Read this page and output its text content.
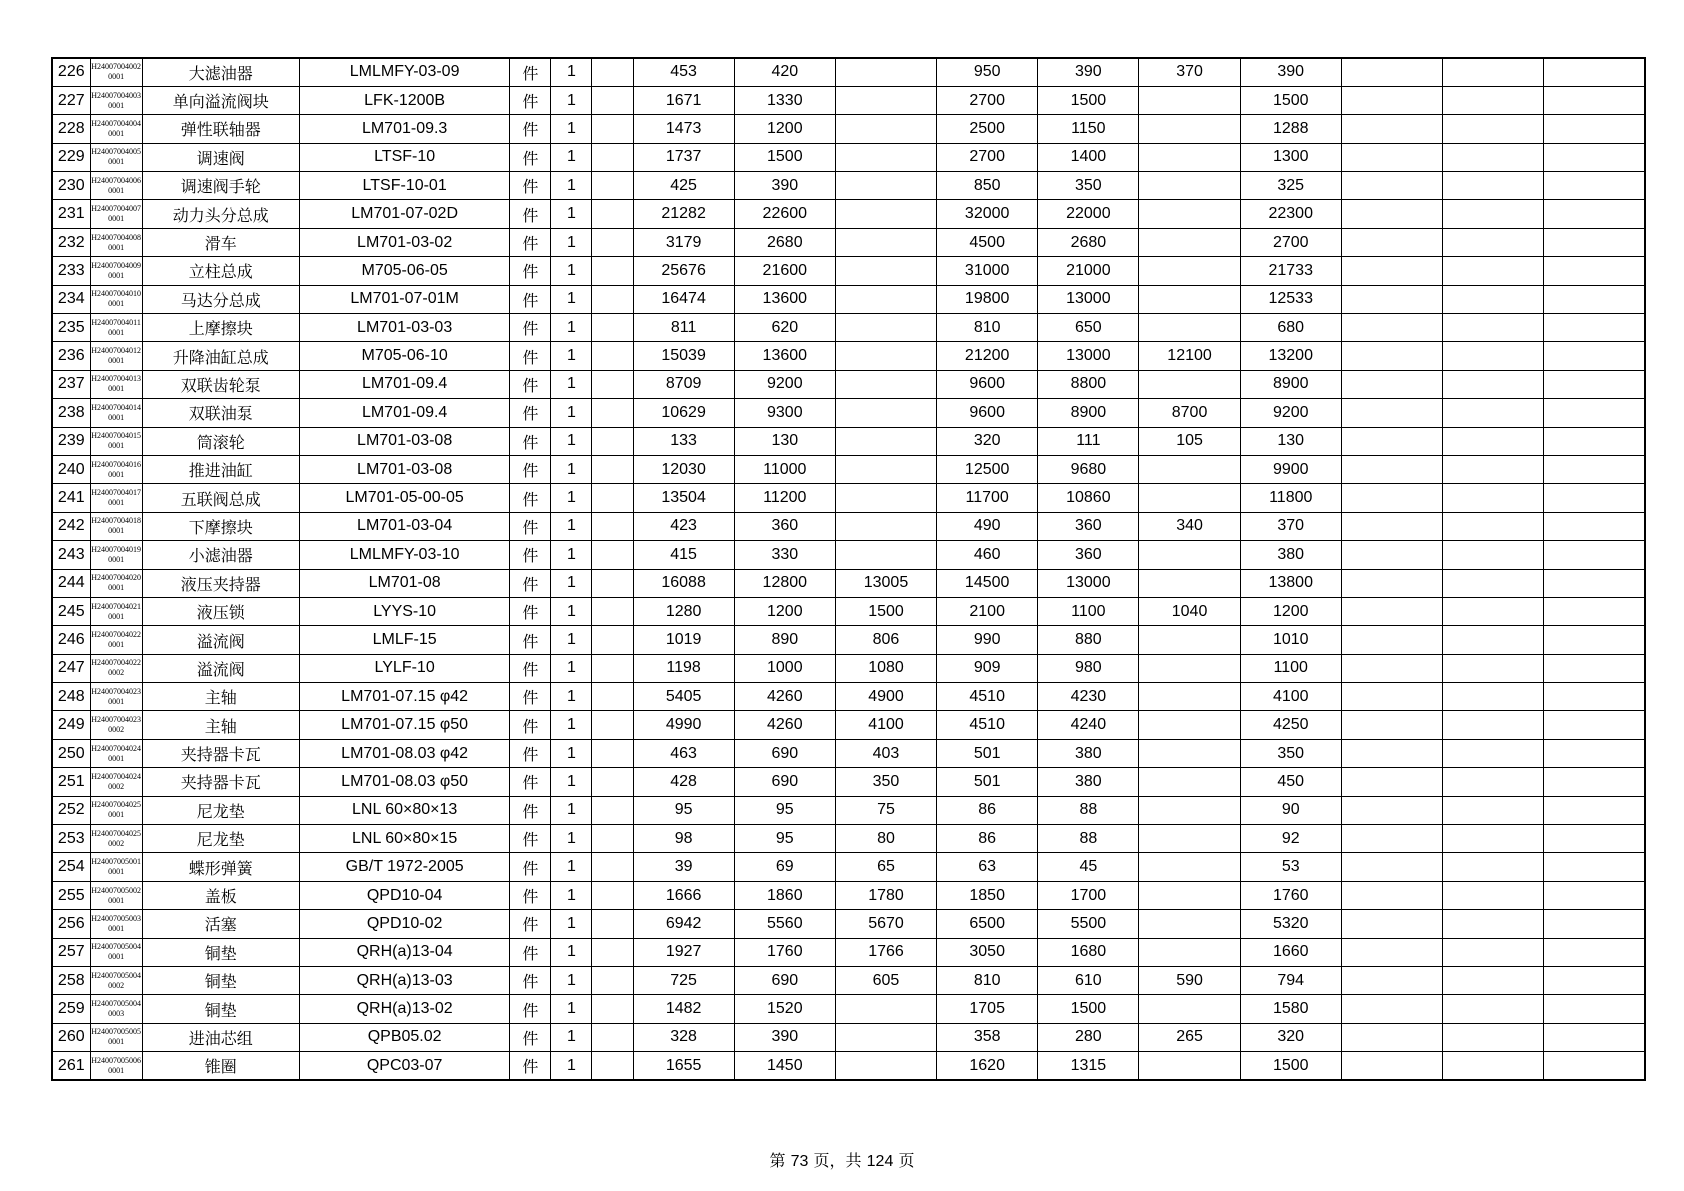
226	H240070040020001	大滤油器	LMLMFY-03-09	件	1		453	420		950	390	370	390			
227	H240070040030001	单向溢流阀块	LFK-1200B	件	1		1671	1330		2700	1500		1500			
228	H240070040040001	弹性联轴器	LM701-09.3	件	1		1473	1200		2500	1150		1288			
229	H240070040050001	调速阀	LTSF-10	件	1		1737	1500		2700	1400		1300			
230	H240070040060001	调速阀手轮	LTSF-10-01	件	1		425	390		850	350		325			
231	H240070040070001	动力头分总成	LM701-07-02D	件	1		21282	22600		32000	22000		22300			
232	H240070040080001	滑车	LM701-03-02	件	1		3179	2680		4500	2680		2700			
233	H240070040090001	立柱总成	M705-06-05	件	1		25676	21600		31000	21000		21733			
234	H240070040100001	马达分总成	LM701-07-01M	件	1		16474	13600		19800	13000		12533			
235	H240070040110001	上摩擦块	LM701-03-03	件	1		811	620		810	650		680			
236	H240070040120001	升降油缸总成	M705-06-10	件	1		15039	13600		21200	13000	12100	13200			
237	H240070040130001	双联齿轮泵	LM701-09.4	件	1		8709	9200		9600	8800		8900			
238	H240070040140001	双联油泵	LM701-09.4	件	1		10629	9300		9600	8900	8700	9200			
239	H240070040150001	筒滚轮	LM701-03-08	件	1		133	130		320	111	105	130			
240	H240070040160001	推进油缸	LM701-03-08	件	1		12030	11000		12500	9680		9900			
241	H240070040170001	五联阀总成	LM701-05-00-05	件	1		13504	11200		11700	10860		11800			
242	H240070040180001	下摩擦块	LM701-03-04	件	1		423	360		490	360	340	370			
243	H240070040190001	小滤油器	LMLMFY-03-10	件	1		415	330		460	360		380			
244	H240070040200001	液压夹持器	LM701-08	件	1		16088	12800	13005	14500	13000		13800			
245	H240070040210001	液压锁	LYYS-10	件	1		1280	1200	1500	2100	1100	1040	1200			
246	H240070040220001	溢流阀	LMLF-15	件	1		1019	890	806	990	880		1010			
247	H240070040220002	溢流阀	LYLF-10	件	1		1198	1000	1080	909	980		1100			
248	H240070040230001	主轴	LM701-07.15 φ42	件	1		5405	4260	4900	4510	4230		4100			
249	H240070040230002	主轴	LM701-07.15 φ50	件	1		4990	4260	4100	4510	4240		4250			
250	H240070040240001	夹持器卡瓦	LM701-08.03 φ42	件	1		463	690	403	501	380		350			
251	H240070040240002	夹持器卡瓦	LM701-08.03 φ50	件	1		428	690	350	501	380		450			
252	H240070040250001	尼龙垫	LNL 60×80×13	件	1		95	95	75	86	88		90			
253	H240070040250002	尼龙垫	LNL 60×80×15	件	1		98	95	80	86	88		92			
254	H240070050010001	蝶形弹簧	GB/T 1972-2005	件	1		39	69	65	63	45		53			
255	H240070050020001	盖板	QPD10-04	件	1		1666	1860	1780	1850	1700		1760			
256	H240070050030001	活塞	QPD10-02	件	1		6942	5560	5670	6500	5500		5320			
257	H240070050040001	铜垫	QRH(a)13-04	件	1		1927	1760	1766	3050	1680		1660			
258	H240070050040002	铜垫	QRH(a)13-03	件	1		725	690	605	810	610	590	794			
259	H240070050040003	铜垫	QRH(a)13-02	件	1		1482	1520		1705	1500		1580			
260	H240070050050001	进油芯组	QPB05.02	件	1		328	390		358	280	265	320			
261	H240070050060001	锥圈	QPC03-07	件	1		1655	1450		1620	1315		1500			
第 73 页，共 124 页
